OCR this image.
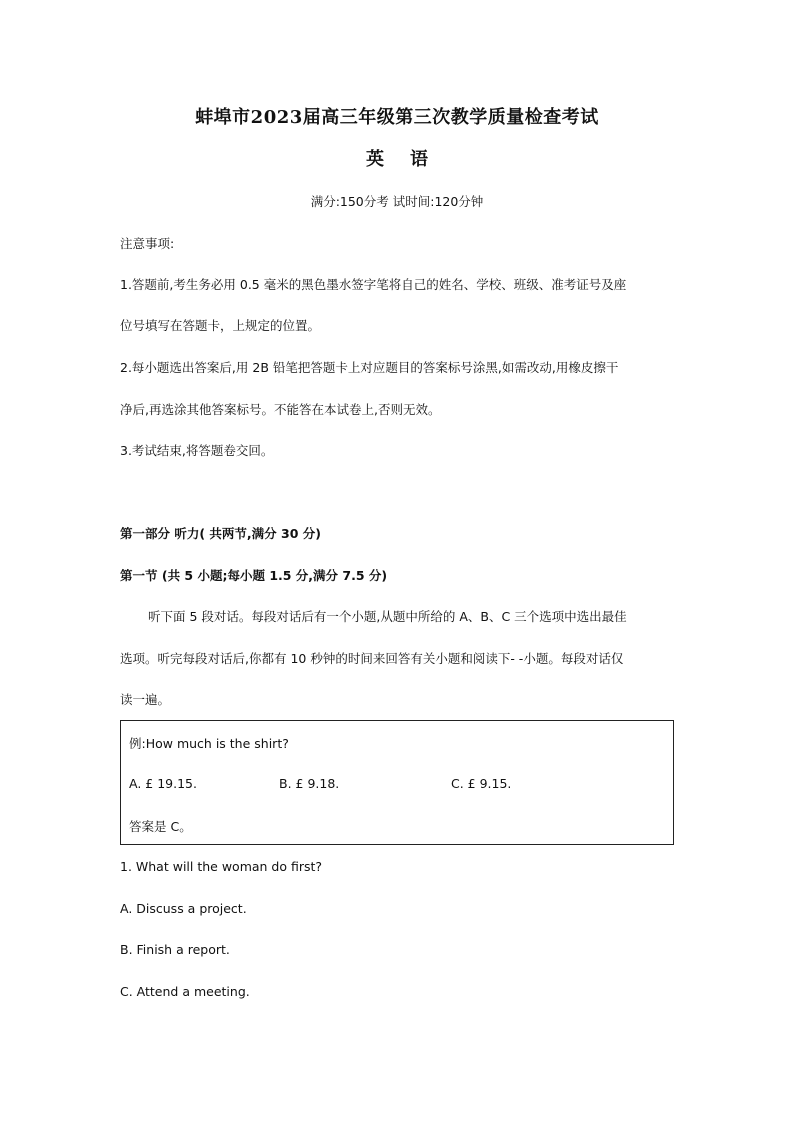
蚌埠市2023届高三年级第三次教学质量检查考试
英语
满分:150分考 试时间:120分钟
注意事项:
1.答题前,考生务必用 0.5 毫米的黑色墨水签字笔将自己的姓名、学校、班级、准考证号及座
位号填写在答题卡，上规定的位置。
2.每小题选出答案后,用 2B 铅笔把答题卡上对应题目的答案标号涂黑,如需改动,用橡皮擦干
净后,再选涂其他答案标号。不能答在本试卷上,否则无效。
3.考试结束,将答题卷交回。
第一部分 听力( 共两节,满分 30 分)
第一节 (共 5 小题;每小题 1.5 分,满分 7.5 分)
听下面 5 段对话。每段对话后有一个小题,从题中所给的 A、B、C 三个选项中选出最佳
选项。听完每段对话后,你都有 10 秒钟的时间来回答有关小题和阅读下- -小题。每段对话仅
读一遍。
例:How much is the shirt?
A. £ 19.15.	B. £ 9.18.	C. £ 9.15.
答案是 C。
1. What will the woman do first?
A. Discuss a project.
B. Finish a report.
C. Attend a meeting.
